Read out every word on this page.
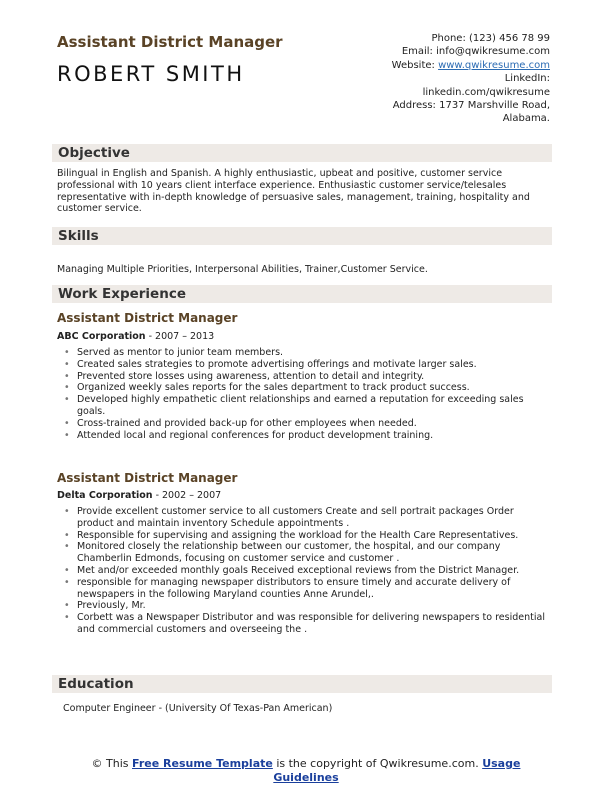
Assistant District Manager
ROBERT SMITH
Phone: (123) 456 78 99
Email: info@qwikresume.com
Website: www.qwikresume.com
LinkedIn:
linkedin.com/qwikresume
Address: 1737 Marshville Road,
Alabama.
Objective
Bilingual in English and Spanish. A highly enthusiastic, upbeat and positive, customer service professional with 10 years client interface experience. Enthusiastic customer service/telesales representative with in-depth knowledge of persuasive sales, management, training, hospitality and customer service.
Skills
Managing Multiple Priorities, Interpersonal Abilities, Trainer,Customer Service.
Work Experience
Assistant District Manager
ABC Corporation - 2007 – 2013
• Served as mentor to junior team members.
• Created sales strategies to promote advertising offerings and motivate larger sales.
• Prevented store losses using awareness, attention to detail and integrity.
• Organized weekly sales reports for the sales department to track product success.
• Developed highly empathetic client relationships and earned a reputation for exceeding sales goals.
• Cross-trained and provided back-up for other employees when needed.
• Attended local and regional conferences for product development training.
Assistant District Manager
Delta Corporation - 2002 – 2007
• Provide excellent customer service to all customers Create and sell portrait packages Order product and maintain inventory Schedule appointments .
• Responsible for supervising and assigning the workload for the Health Care Representatives.
• Monitored closely the relationship between our customer, the hospital, and our company Chamberlin Edmonds, focusing on customer service and customer .
• Met and/or exceeded monthly goals Received exceptional reviews from the District Manager.
• responsible for managing newspaper distributors to ensure timely and accurate delivery of newspapers in the following Maryland counties Anne Arundel,.
• Previously, Mr.
• Corbett was a Newspaper Distributor and was responsible for delivering newspapers to residential and commercial customers and overseeing the .
Education
Computer Engineer - (University Of Texas-Pan American)
© This Free Resume Template is the copyright of Qwikresume.com. Usage
Guidelines
